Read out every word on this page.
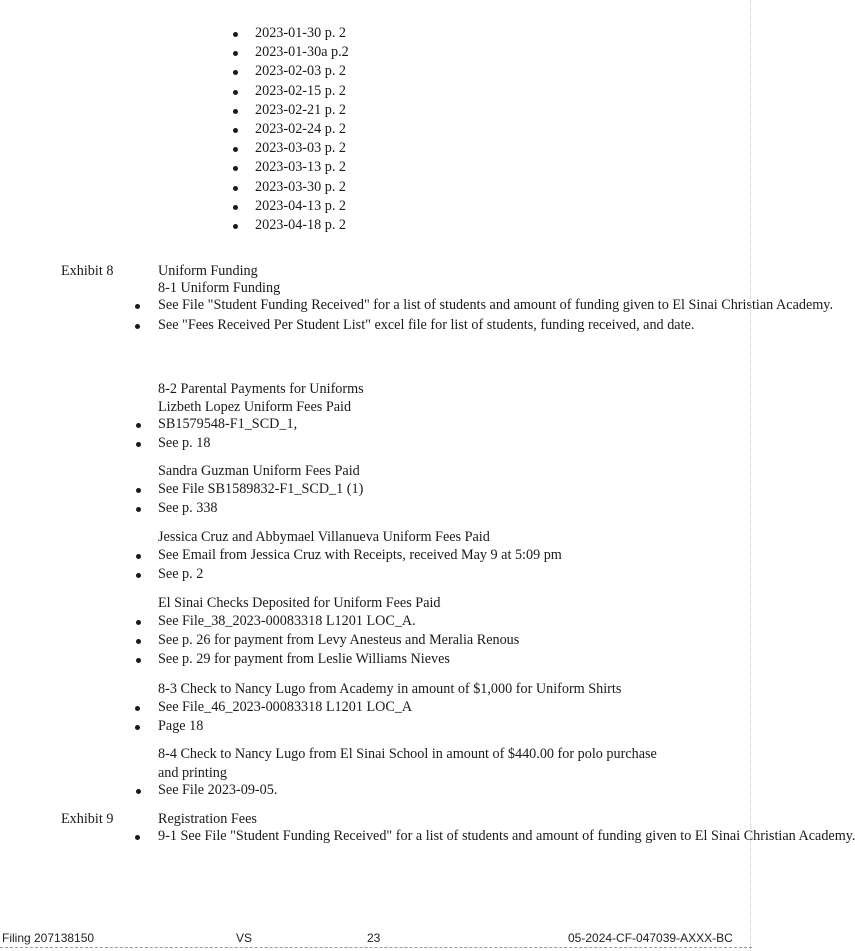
2023-01-30 p. 2
2023-01-30a p.2
2023-02-03 p. 2
2023-02-15 p. 2
2023-02-21 p. 2
2023-02-24 p. 2
2023-03-03 p. 2
2023-03-13 p. 2
2023-03-30 p. 2
2023-04-13 p. 2
2023-04-18 p. 2
Exhibit 8	Uniform Funding
8-1 Uniform Funding
See File "Student Funding Received" for a list of students and amount of funding given to El Sinai Christian Academy.
See "Fees Received Per Student List" excel file for list of students, funding received, and date.
8-2 Parental Payments for Uniforms
Lizbeth Lopez Uniform Fees Paid
SB1579548-F1_SCD_1,
See p. 18
Sandra Guzman Uniform Fees Paid
See File SB1589832-F1_SCD_1 (1)
See p. 338
Jessica Cruz and Abbymael Villanueva Uniform Fees Paid
See Email from Jessica Cruz with Receipts, received May 9 at 5:09 pm
See p. 2
El Sinai Checks Deposited for Uniform Fees Paid
See File_38_2023-00083318 L1201 LOC_A.
See p. 26 for payment from Levy Anesteus and Meralia Renous
See p. 29 for payment from Leslie Williams Nieves
8-3 Check to Nancy Lugo from Academy in amount of $1,000 for Uniform Shirts
See File_46_2023-00083318 L1201 LOC_A
Page 18
8-4 Check to Nancy Lugo from El Sinai School in amount of $440.00 for polo purchase and printing
See File 2023-09-05.
Exhibit 9	Registration Fees
9-1 See File "Student Funding Received" for a list of students and amount of funding given to El Sinai Christian Academy.
Filing 207138150	VS	23	05-2024-CF-047039-AXXX-BC
